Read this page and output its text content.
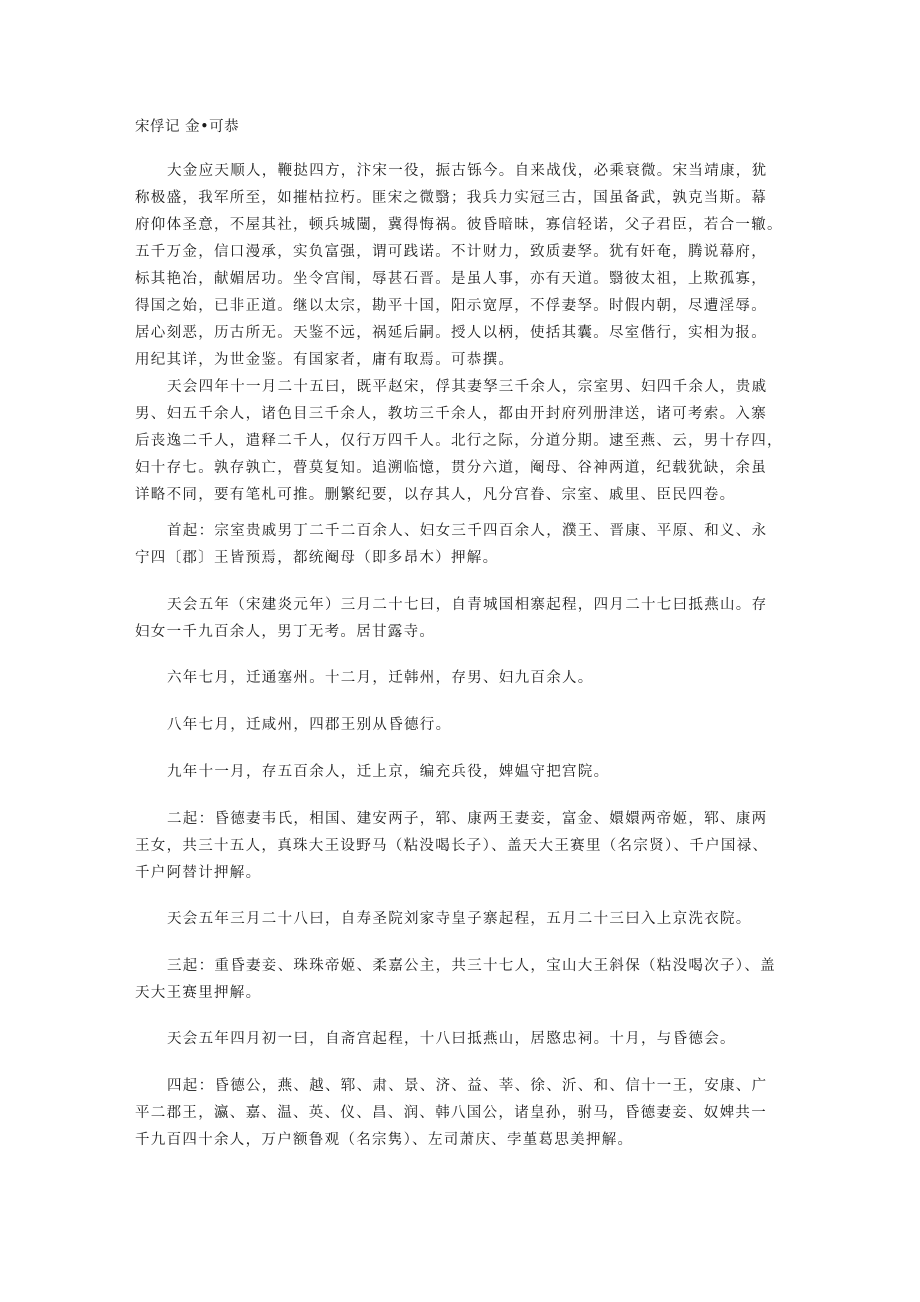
宋俘记 金•可恭

大金应天顺人，鞭挞四方，汴宋一役，振古铄今。自来战伐，必乘衰微。宋当靖康，犹
称极盛，我军所至，如摧枯拉朽。匪宋之微翳；我兵力实冠三古，国虽备武，孰克当斯。幕
府仰体圣意，不屋其社，顿兵城闉，冀得悔祸。彼昏暗昧，寡信轻诺，父子君臣，若合一辙。
五千万金，信口漫承，实负富强，谓可践诺。不计财力，致质妻孥。犹有奸奄，腾说幕府，
标其艳冶，献媚居功。坐令宫闱，辱甚石晋。是虽人事，亦有天道。翳彼太祖，上欺孤寡，
得国之始，已非正道。继以太宗，勘平十国，阳示宽厚，不俘妻孥。时假内朝，尽遭淫辱。
居心刻恶，历古所无。天鉴不远，祸延后嗣。授人以柄，使括其囊。尽室偕行，实相为报。
用纪其详，为世金鉴。有国家者，庸有取焉。可恭撰。

天会四年十一月二十五曰，既平赵宋，俘其妻孥三千余人，宗室男、妇四千余人，贵戚
男、妇五千余人，诸色目三千余人，教坊三千余人，都由开封府列册津送，诸可考索。入寨
后丧逸二千人，遣释二千人，仅行万四千人。北行之际，分道分期。逮至燕、云，男十存四，
妇十存七。孰存孰亡，瞢莫复知。追溯临憶，贯分六道，阉母、谷神两道，纪载犹缺，余虽
详略不同，要有笔札可推。删繁纪要，以存其人，凡分宫眷、宗室、戚里、臣民四卷。

首起：宗室贵戚男丁二千二百余人、妇女三千四百余人，濮王、晋康、平原、和义、永
宁四〔郡〕王皆预焉，都统阉母（即多昂木）押解。

天会五年（宋建炎元年）三月二十七曰，自青城国相寨起程，四月二十七曰抵燕山。存
妇女一千九百余人，男丁无考。居甘露寺。

六年七月，迁通塞州。十二月，迁韩州，存男、妇九百余人。

八年七月，迁咸州，四郡王别从昏德行。

九年十一月，存五百余人，迁上京，编充兵役，婢媪守把宫院。

二起：昏德妻韦氏，相国、建安两子，郓、康两王妻妾，富金、嬛嬛两帝姬，郓、康两
王女，共三十五人，真珠大王设野马（粘没喝长子）、盖天大王赛里（名宗贤）、千户国禄、
千户阿替计押解。

天会五年三月二十八曰，自寿圣院刘家寺皇子寨起程，五月二十三曰入上京洗衣院。

三起：重昏妻妾、珠珠帝姬、柔嘉公主，共三十七人，宝山大王斜保（粘没喝次子）、盖
天大王赛里押解。

天会五年四月初一曰，自斋宫起程，十八曰抵燕山，居愍忠祠。十月，与昏德会。

四起：昏德公，燕、越、郓、肃、景、济、益、莘、徐、沂、和、信十一王，安康、广
平二郡王，瀛、嘉、温、英、仪、昌、润、韩八国公，诸皇孙，驸马，昏德妻妾、奴婢共一
千九百四十余人，万户额鲁观（名宗隽）、左司萧庆、孛堇葛思美押解。
